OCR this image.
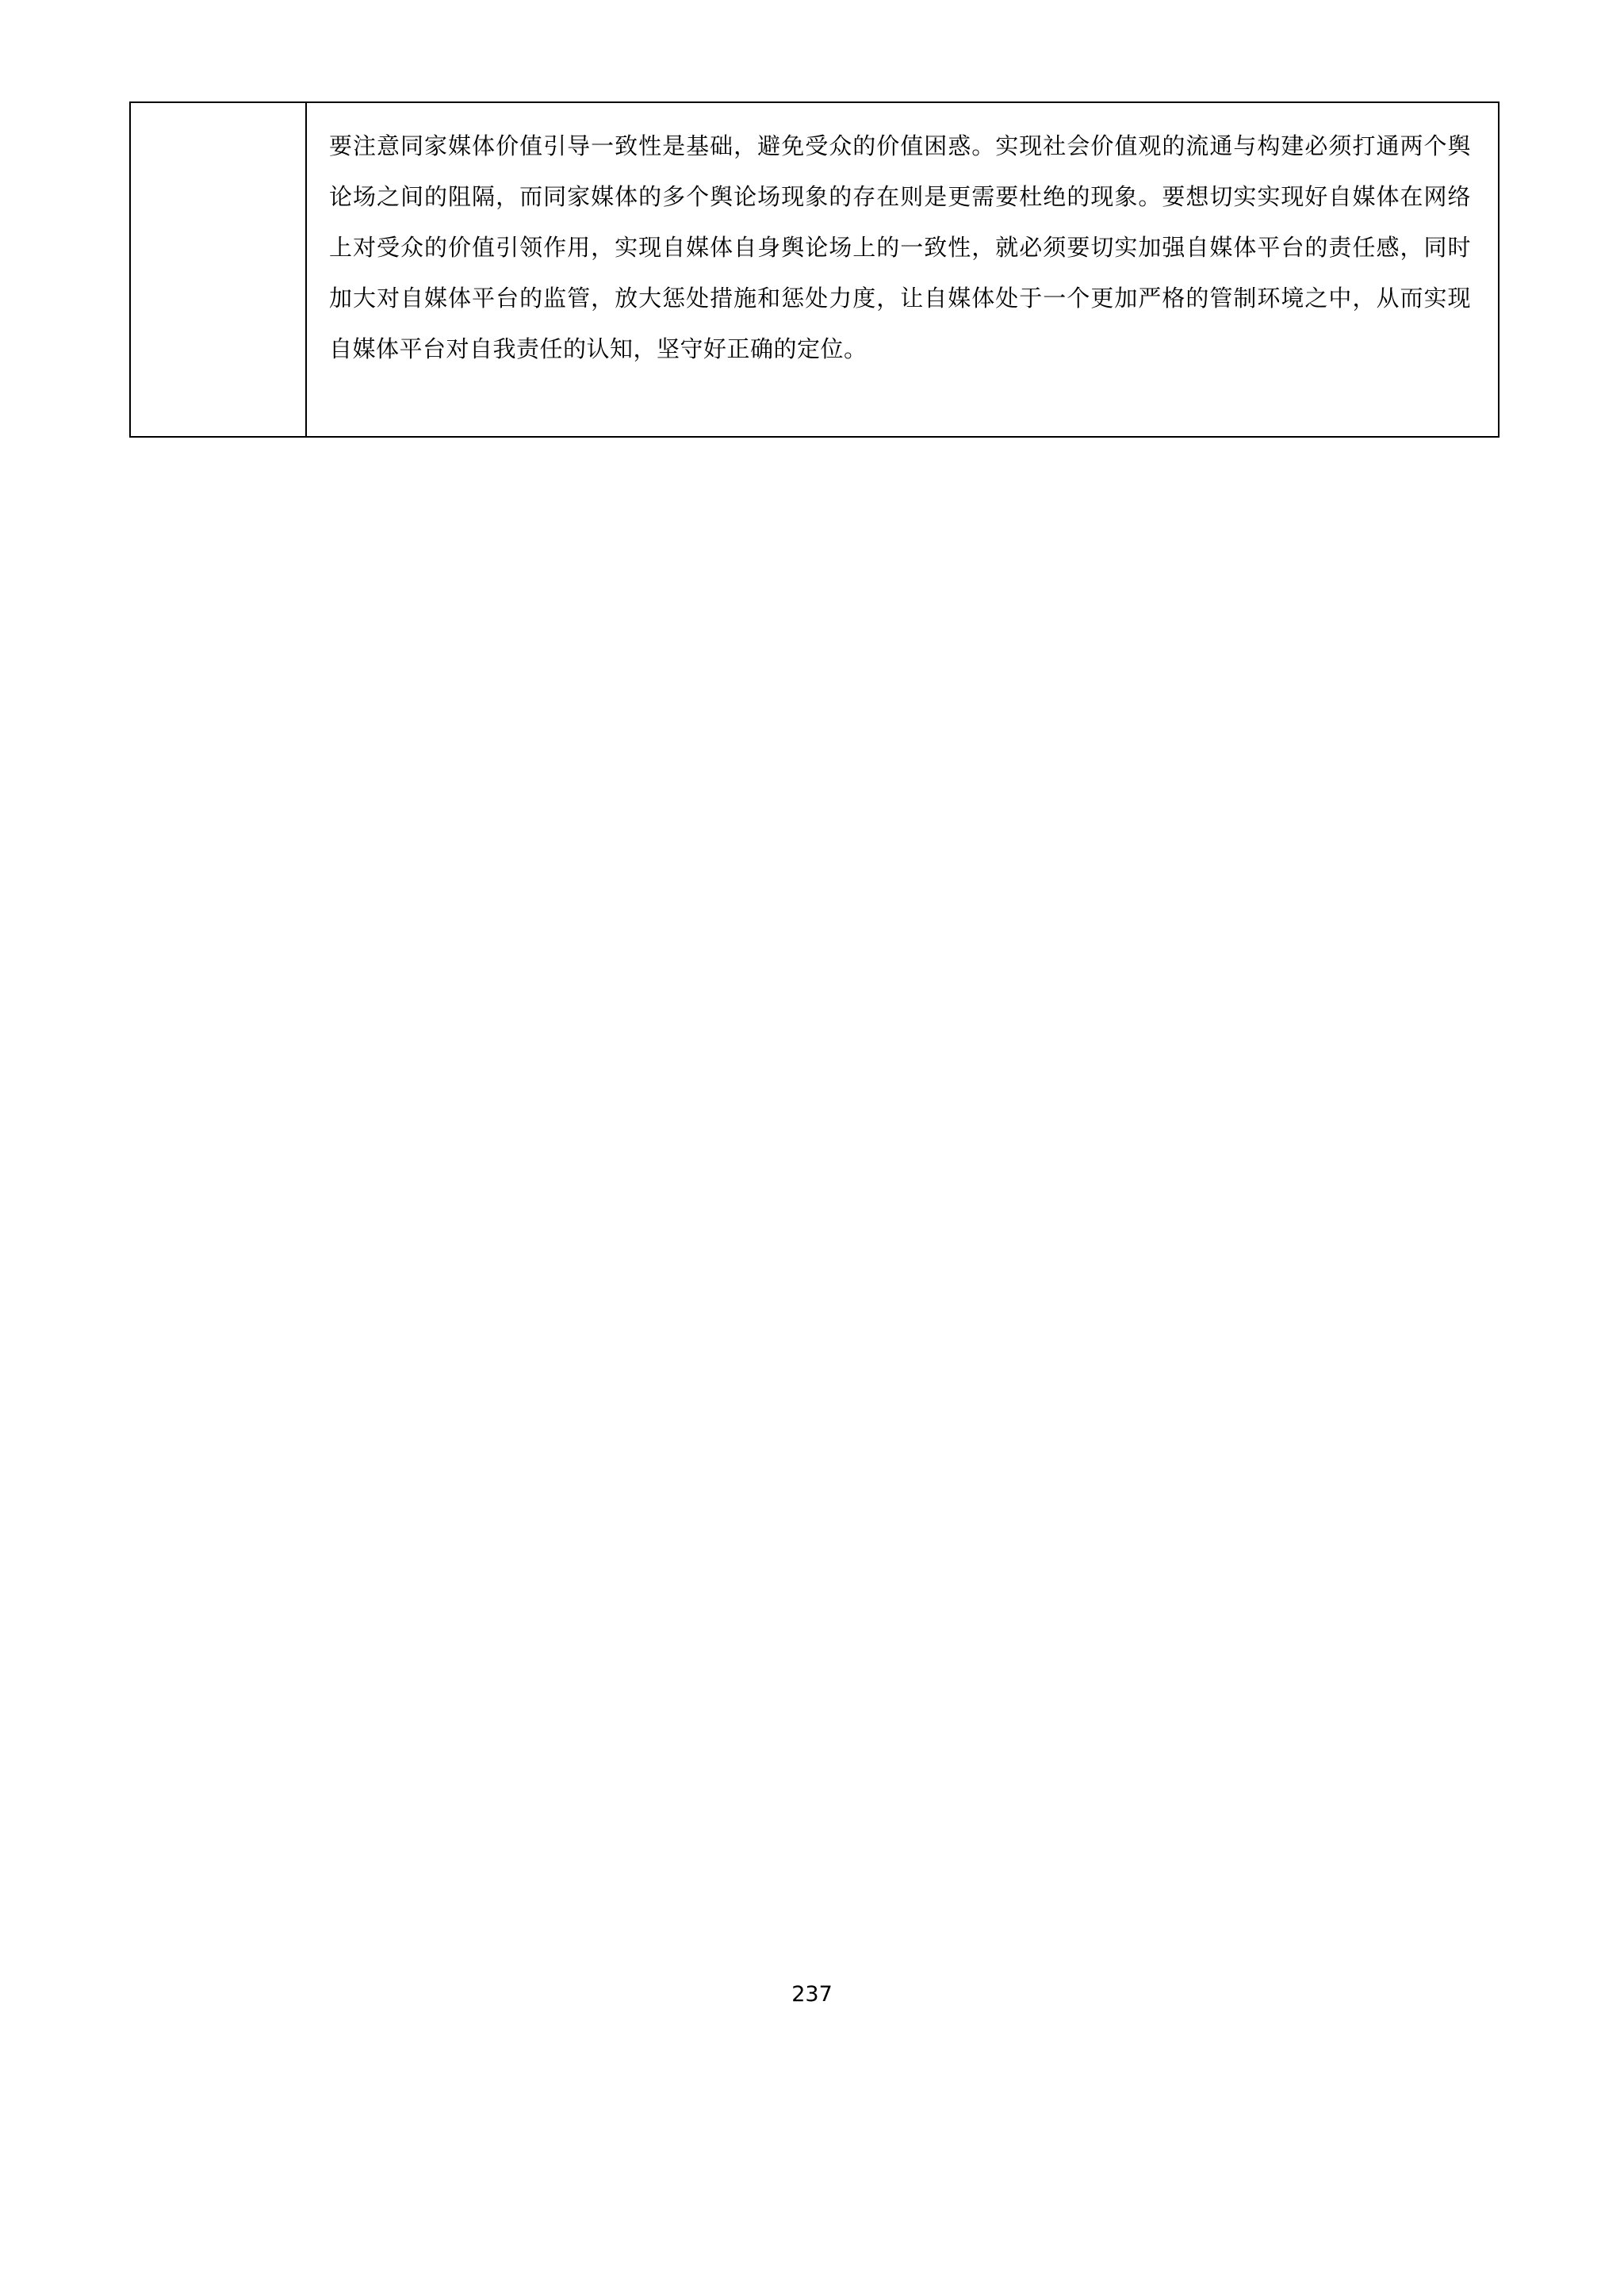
要注意同家媒体价值引导一致性是基础，避免受众的价值困惑。实现社会价值观的流通与构建必须打通两个舆论场之间的阻隔，而同家媒体的多个舆论场现象的存在则是更需要杜绝的现象。要想切实实现好自媒体在网络上对受众的价值引领作用，实现自媒体自身舆论场上的一致性，就必须要切实加强自媒体平台的责任感，同时加大对自媒体平台的监管，放大惩处措施和惩处力度，让自媒体处于一个更加严格的管制环境之中，从而实现自媒体平台对自我责任的认知，坚守好正确的定位。

237
